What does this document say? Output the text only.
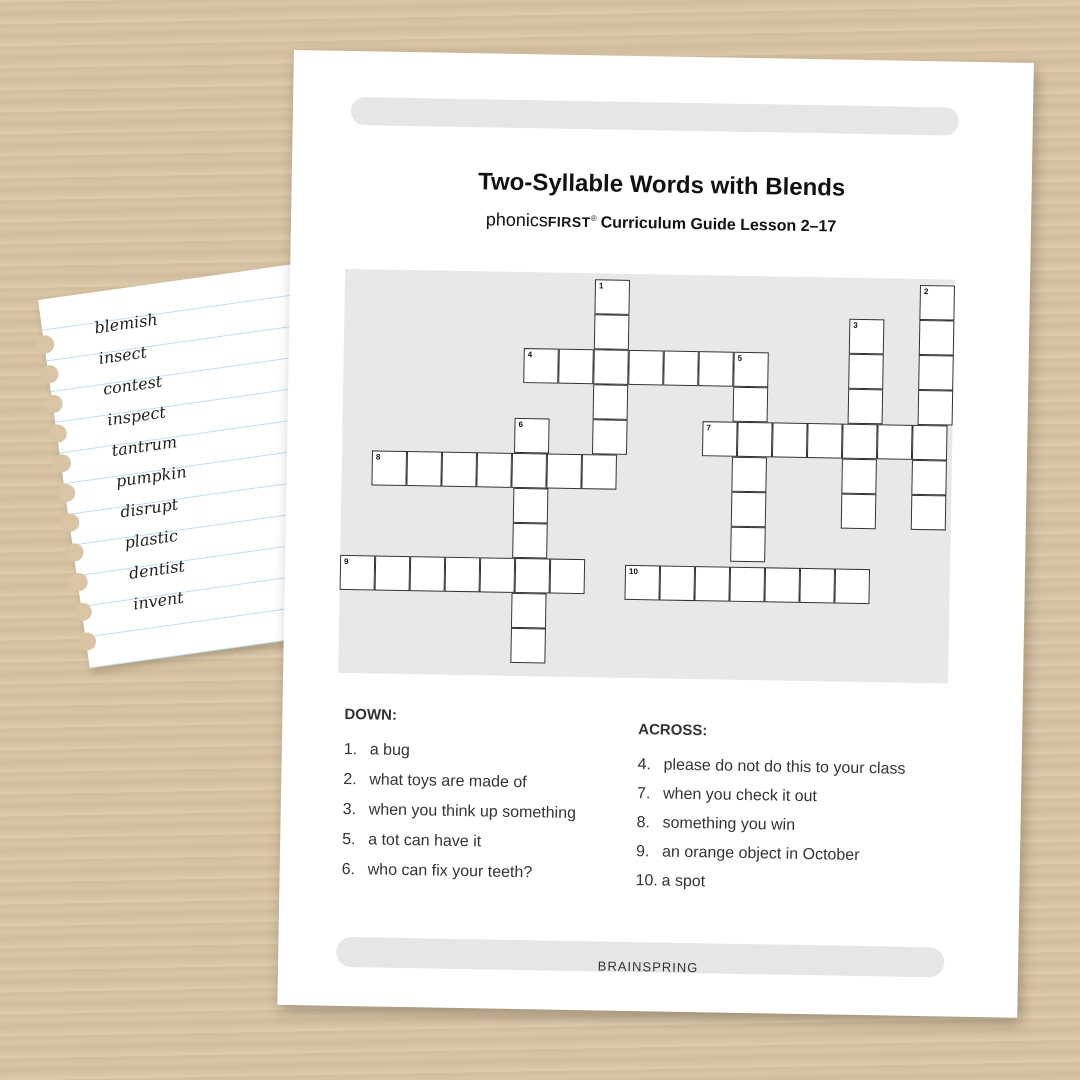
blemish
insect
contest
inspect
tantrum
pumpkin
disrupt
plastic
dentist
invent
Two-Syllable Words with Blends
phonicsFIRST® Curriculum Guide Lesson 2–17
1
4	5
8
6
9
10
7
3
2
DOWN:
1. a bug
2. what toys are made of
3. when you think up something
5. a tot can have it
6. who can fix your teeth?
ACROSS:
4. please do not do this to your class
7. when you check it out
8. something you win
9. an orange object in October
10. a spot
BRAINSPRING
